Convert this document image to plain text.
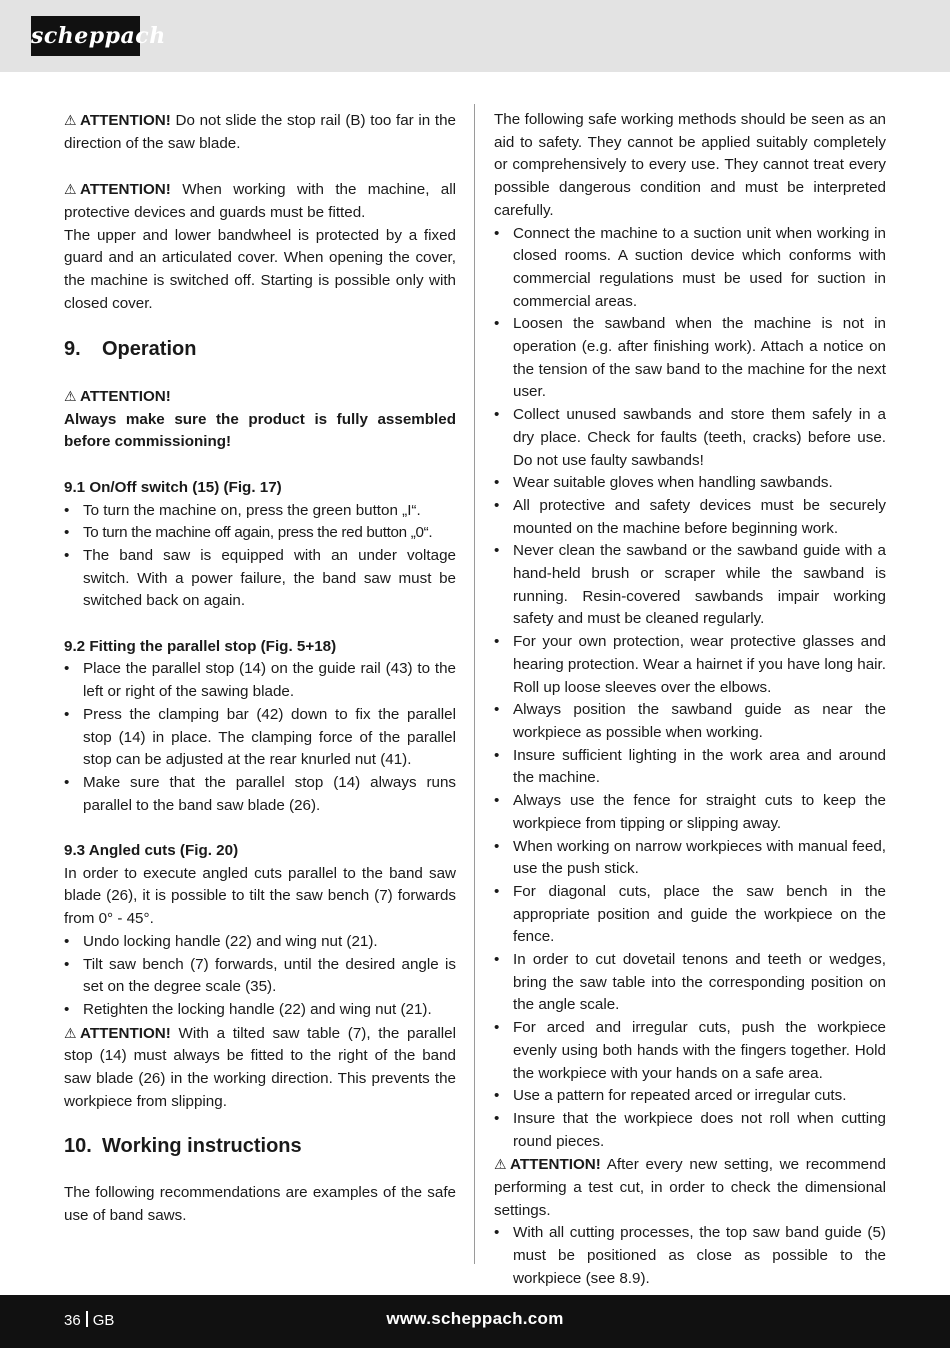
scheppach

⚠ ATTENTION! Do not slide the stop rail (B) too far in the direction of the saw blade.

⚠ ATTENTION! When working with the machine, all protective devices and guards must be fitted.

The upper and lower bandwheel is protected by a fixed guard and an articulated cover. When opening the cover, the machine is switched off. Starting is possible only with closed cover.

9. Operation

⚠ ATTENTION!

Always make sure the product is fully assembled before commissioning!

9.1 On/Off switch (15) (Fig. 17)

• To turn the machine on, press the green button „I“.
• To turn the machine off again, press the red button „0“.
• The band saw is equipped with an under voltage switch. With a power failure, the band saw must be switched back on again.

9.2 Fitting the parallel stop (Fig. 5+18)

• Place the parallel stop (14) on the guide rail (43) to the left or right of the sawing blade.
• Press the clamping bar (42) down to fix the parallel stop (14) in place. The clamping force of the parallel stop can be adjusted at the rear knurled nut (41).
• Make sure that the parallel stop (14) always runs parallel to the band saw blade (26).

9.3 Angled cuts (Fig. 20)

In order to execute angled cuts parallel to the band saw blade (26), it is possible to tilt the saw bench (7) forwards from 0° - 45°.

• Undo locking handle (22) and wing nut (21).
• Tilt saw bench (7) forwards, until the desired angle is set on the degree scale (35).
• Retighten the locking handle (22) and wing nut (21).

⚠ ATTENTION! With a tilted saw table (7), the parallel stop (14) must always be fitted to the right of the band saw blade (26) in the working direction. This prevents the workpiece from slipping.

10. Working instructions

The following recommendations are examples of the safe use of band saws.

The following safe working methods should be seen as an aid to safety. They cannot be applied suitably completely or comprehensively to every use. They cannot treat every possible dangerous condition and must be interpreted carefully.

• Connect the machine to a suction unit when working in closed rooms. A suction device which conforms with commercial regulations must be used for suction in commercial areas.
• Loosen the sawband when the machine is not in operation (e.g. after finishing work). Attach a notice on the tension of the saw band to the machine for the next user.
• Collect unused sawbands and store them safely in a dry place. Check for faults (teeth, cracks) before use. Do not use faulty sawbands!
• Wear suitable gloves when handling sawbands.
• All protective and safety devices must be securely mounted on the machine before beginning work.
• Never clean the sawband or the sawband guide with a hand-held brush or scraper while the sawband is running. Resin-covered sawbands impair working safety and must be cleaned regularly.
• For your own protection, wear protective glasses and hearing protection. Wear a hairnet if you have long hair. Roll up loose sleeves over the elbows.
• Always position the sawband guide as near the workpiece as possible when working.
• Insure sufficient lighting in the work area and around the machine.
• Always use the fence for straight cuts to keep the workpiece from tipping or slipping away.
• When working on narrow workpieces with manual feed, use the push stick.
• For diagonal cuts, place the saw bench in the appropriate position and guide the workpiece on the fence.
• In order to cut dovetail tenons and teeth or wedges, bring the saw table into the corresponding position on the angle scale.
• For arced and irregular cuts, push the workpiece evenly using both hands with the fingers together. Hold the workpiece with your hands on a safe area.
• Use a pattern for repeated arced or irregular cuts.
• Insure that the workpiece does not roll when cutting round pieces.

⚠ ATTENTION! After every new setting, we recommend performing a test cut, in order to check the dimensional settings.

• With all cutting processes, the top saw band guide (5) must be positioned as close as possible to the workpiece (see 8.9).
36 GB	www.scheppach.com
